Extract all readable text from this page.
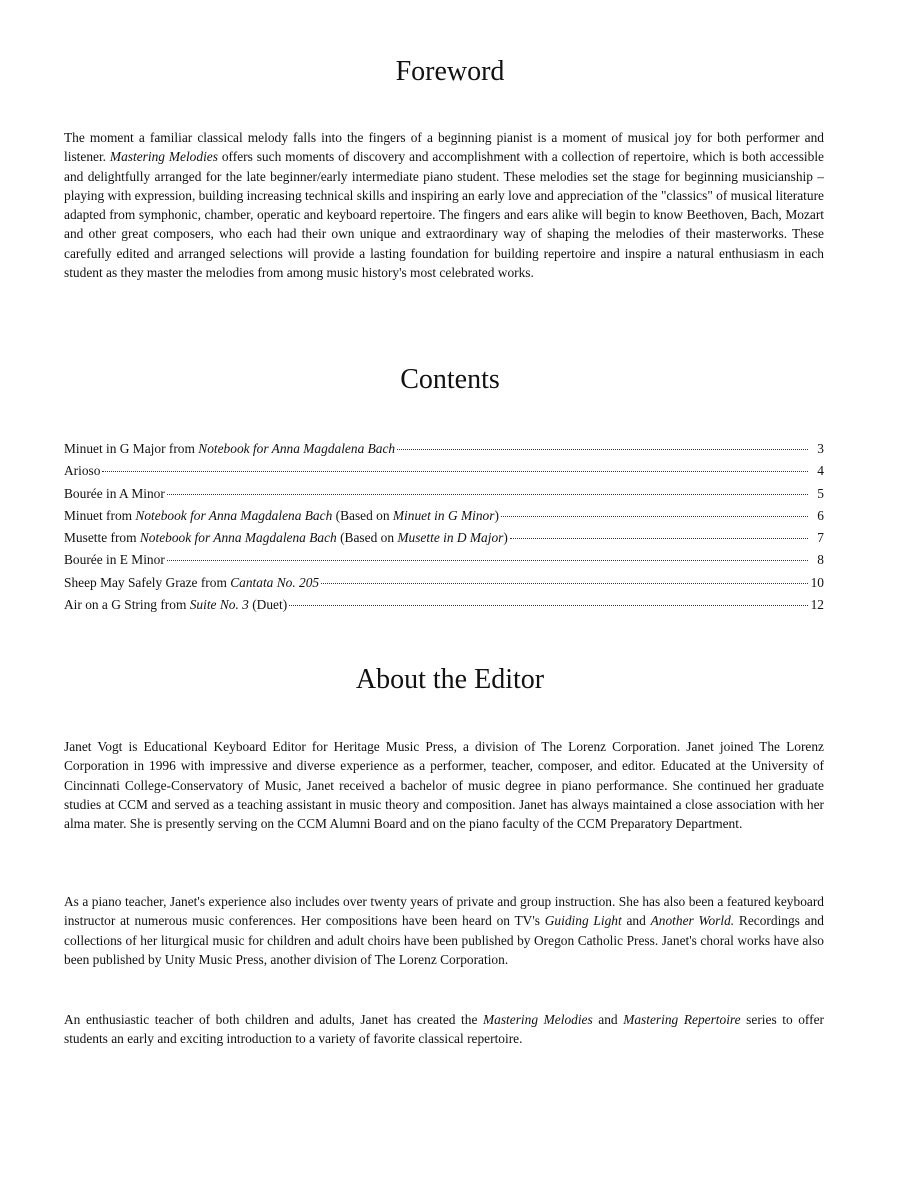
Foreword

The moment a familiar classical melody falls into the fingers of a beginning pianist is a moment of musical joy for both performer and listener. Mastering Melodies offers such moments of discovery and accomplishment with a collection of repertoire, which is both accessible and delightfully arranged for the late beginner/early intermediate piano student. These melodies set the stage for beginning musicianship – playing with expression, building increasing technical skills and inspiring an early love and appreciation of the "classics" of musical literature adapted from symphonic, chamber, operatic and keyboard repertoire. The fingers and ears alike will begin to know Beethoven, Bach, Mozart and other great composers, who each had their own unique and extraordinary way of shaping the melodies of their masterworks. These carefully edited and arranged selections will provide a lasting foundation for building repertoire and inspire a natural enthusiasm in each student as they master the melodies from among music history's most celebrated works.

Contents
Minuet in G Major from Notebook for Anna Magdalena Bach	3
Arioso	4
Bourée in A Minor	5
Minuet from Notebook for Anna Magdalena Bach (Based on Minuet in G Minor)	6
Musette from Notebook for Anna Magdalena Bach (Based on Musette in D Major)	7
Bourée in E Minor	8
Sheep May Safely Graze from Cantata No. 205	10
Air on a G String from Suite No. 3 (Duet)	12
About the Editor

Janet Vogt is Educational Keyboard Editor for Heritage Music Press, a division of The Lorenz Corporation. Janet joined The Lorenz Corporation in 1996 with impressive and diverse experience as a performer, teacher, composer, and editor. Educated at the University of Cincinnati College-Conservatory of Music, Janet received a bachelor of music degree in piano performance. She continued her graduate studies at CCM and served as a teaching assistant in music theory and composition. Janet has always maintained a close association with her alma mater. She is presently serving on the CCM Alumni Board and on the piano faculty of the CCM Preparatory Department.

As a piano teacher, Janet's experience also includes over twenty years of private and group instruction. She has also been a featured keyboard instructor at numerous music conferences. Her compositions have been heard on TV's Guiding Light and Another World. Recordings and collections of her liturgical music for children and adult choirs have been published by Oregon Catholic Press. Janet's choral works have also been published by Unity Music Press, another division of The Lorenz Corporation.

An enthusiastic teacher of both children and adults, Janet has created the Mastering Melodies and Mastering Repertoire series to offer students an early and exciting introduction to a variety of favorite classical repertoire.
